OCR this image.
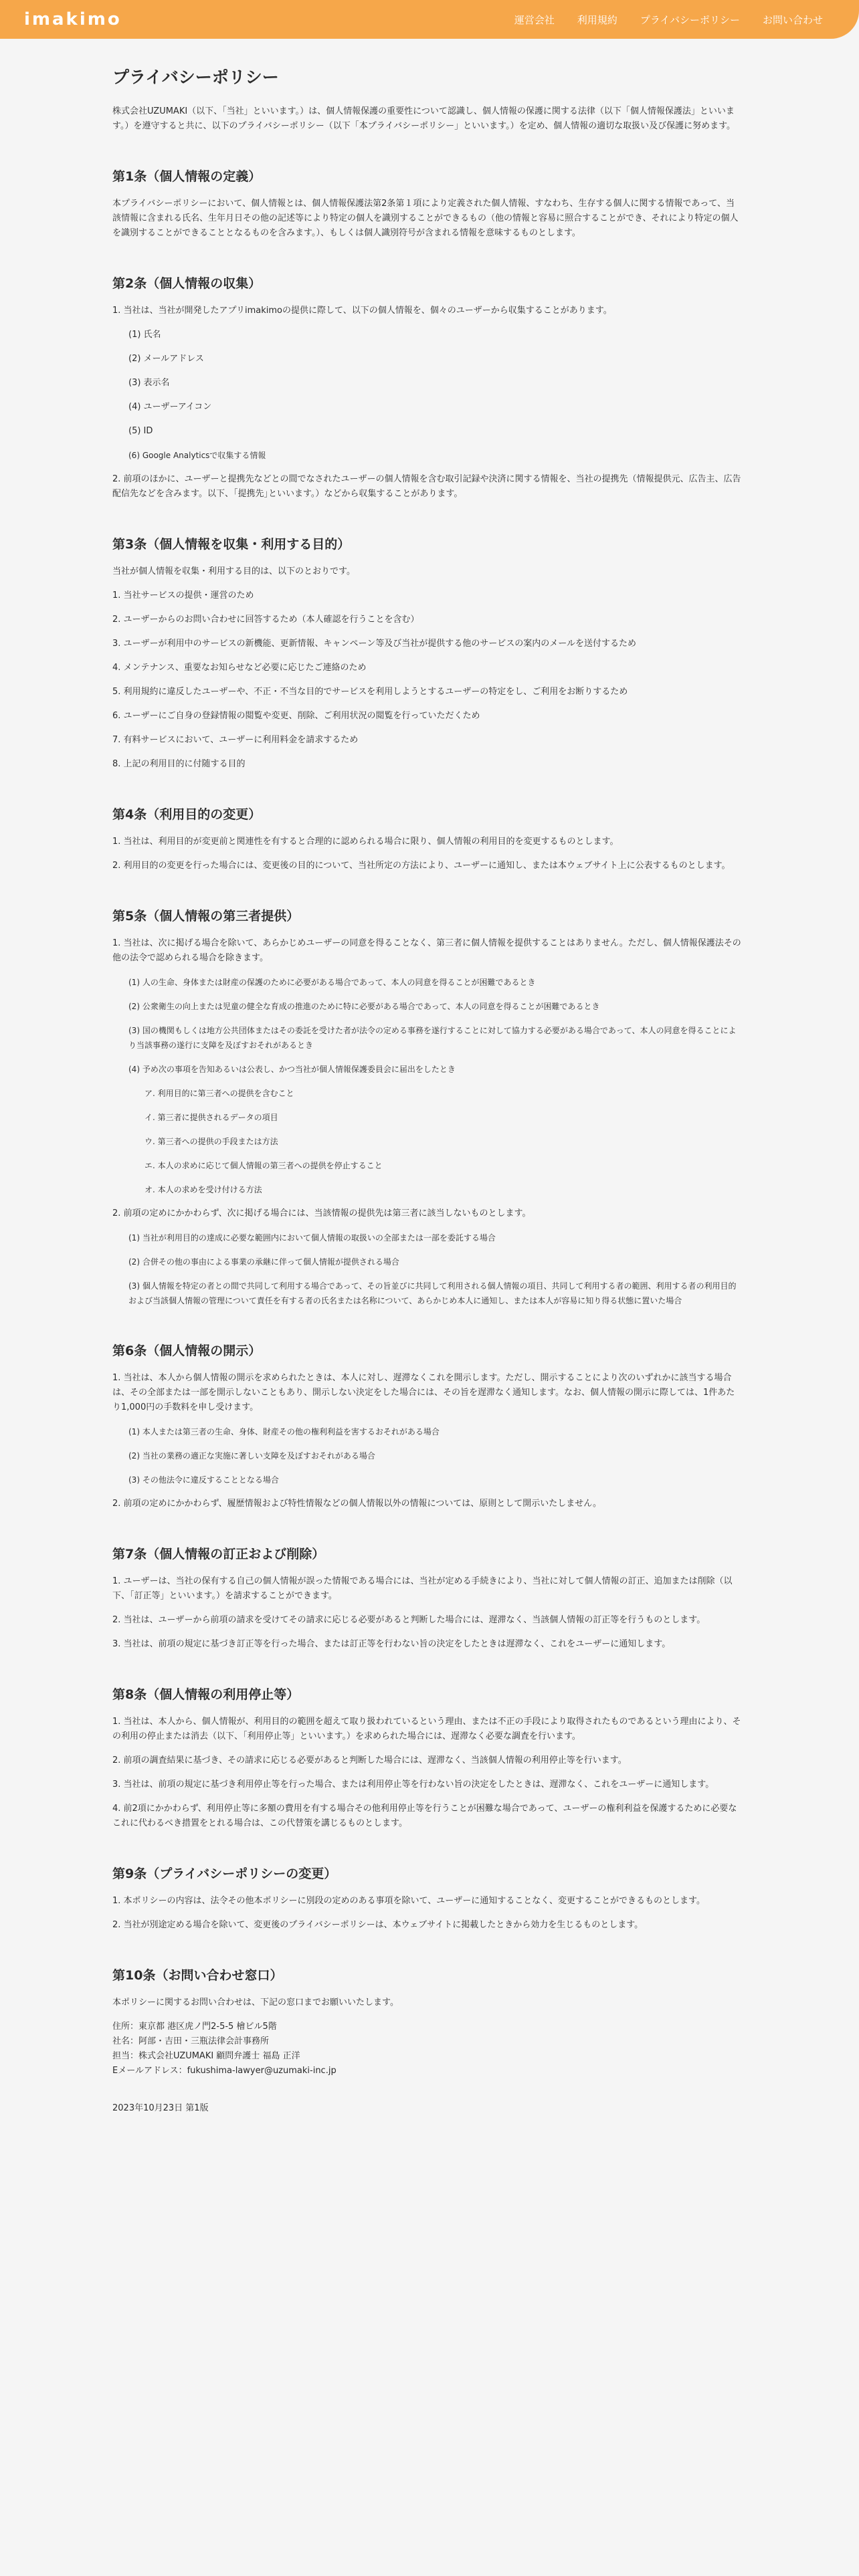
imakimo	運営会社 利用規約 プライバシーポリシー お問い合わせ
プライバシーポリシー

株式会社UZUMAKI（以下、「当社」といいます。）は、個人情報保護の重要性について認識し、個人情報の保護に関する法律（以下「個人情報保護法」といいます。）を遵守すると共に、以下のプライバシーポリシー（以下「本プライバシーポリシー」といいます。）を定め、個人情報の適切な取扱い及び保護に努めます。

第1条（個人情報の定義）

本プライバシーポリシーにおいて、個人情報とは、個人情報保護法第2条第１項により定義された個人情報、すなわち、生存する個人に関する情報であって、当該情報に含まれる氏名、生年月日その他の記述等により特定の個人を識別することができるもの（他の情報と容易に照合することができ、それにより特定の個人を識別することができることとなるものを含みます。）、もしくは個人識別符号が含まれる情報を意味するものとします。

第2条（個人情報の収集）

1. 当社は、当社が開発したアプリimakimoの提供に際して、以下の個人情報を、個々のユーザーから収集することがあります。

(1) 氏名
(2) メールアドレス
(3) 表示名
(4) ユーザーアイコン
(5) ID
(6) Google Analyticsで収集する情報

2. 前項のほかに、ユーザーと提携先などとの間でなされたユーザーの個人情報を含む取引記録や決済に関する情報を、当社の提携先（情報提供元、広告主、広告配信先などを含みます。以下、｢提携先｣といいます。）などから収集することがあります。

第3条（個人情報を収集・利用する目的）

当社が個人情報を収集・利用する目的は、以下のとおりです。

1. 当社サービスの提供・運営のため
2. ユーザーからのお問い合わせに回答するため（本人確認を行うことを含む）
3. ユーザーが利用中のサービスの新機能、更新情報、キャンペーン等及び当社が提供する他のサービスの案内のメールを送付するため
4. メンテナンス、重要なお知らせなど必要に応じたご連絡のため
5. 利用規約に違反したユーザーや、不正・不当な目的でサービスを利用しようとするユーザーの特定をし、ご利用をお断りするため
6. ユーザーにご自身の登録情報の閲覧や変更、削除、ご利用状況の閲覧を行っていただくため
7. 有料サービスにおいて、ユーザーに利用料金を請求するため
8. 上記の利用目的に付随する目的
第4条（利用目的の変更）
1. 当社は、利用目的が変更前と関連性を有すると合理的に認められる場合に限り、個人情報の利用目的を変更するものとします。
2. 利用目的の変更を行った場合には、変更後の目的について、当社所定の方法により、ユーザーに通知し、または本ウェブサイト上に公表するものとします。
第5条（個人情報の第三者提供）

1. 当社は、次に掲げる場合を除いて、あらかじめユーザーの同意を得ることなく、第三者に個人情報を提供することはありません。ただし、個人情報保護法その他の法令で認められる場合を除きます。

(1) 人の生命、身体または財産の保護のために必要がある場合であって、本人の同意を得ることが困難であるとき
(2) 公衆衛生の向上または児童の健全な育成の推進のために特に必要がある場合であって、本人の同意を得ることが困難であるとき
(3) 国の機関もしくは地方公共団体またはその委託を受けた者が法令の定める事務を遂行することに対して協力する必要がある場合であって、本人の同意を得ることにより当該事務の遂行に支障を及ぼすおそれがあるとき
(4) 予め次の事項を告知あるいは公表し、かつ当社が個人情報保護委員会に届出をしたとき
ア. 利用目的に第三者への提供を含むこと
イ. 第三者に提供されるデータの項目
ウ. 第三者への提供の手段または方法
エ. 本人の求めに応じて個人情報の第三者への提供を停止すること
オ. 本人の求めを受け付ける方法

2. 前項の定めにかかわらず、次に掲げる場合には、当該情報の提供先は第三者に該当しないものとします。

(1) 当社が利用目的の達成に必要な範囲内において個人情報の取扱いの全部または一部を委託する場合
(2) 合併その他の事由による事業の承継に伴って個人情報が提供される場合
(3) 個人情報を特定の者との間で共同して利用する場合であって、その旨並びに共同して利用される個人情報の項目、共同して利用する者の範囲、利用する者の利用目的および当該個人情報の管理について責任を有する者の氏名または名称について、あらかじめ本人に通知し、または本人が容易に知り得る状態に置いた場合
第6条（個人情報の開示）

1. 当社は、本人から個人情報の開示を求められたときは、本人に対し、遅滞なくこれを開示します。ただし、開示することにより次のいずれかに該当する場合は、その全部または一部を開示しないこともあり、開示しない決定をした場合には、その旨を遅滞なく通知します。なお、個人情報の開示に際しては、1件あたり1,000円の手数料を申し受けます。

(1) 本人または第三者の生命、身体、財産その他の権利利益を害するおそれがある場合
(2) 当社の業務の適正な実施に著しい支障を及ぼすおそれがある場合
(3) その他法令に違反することとなる場合

2. 前項の定めにかかわらず、履歴情報および特性情報などの個人情報以外の情報については、原則として開示いたしません。

第7条（個人情報の訂正および削除）
1. ユーザーは、当社の保有する自己の個人情報が誤った情報である場合には、当社が定める手続きにより、当社に対して個人情報の訂正、追加または削除（以下、「訂正等」といいます。）を請求することができます。
2. 当社は、ユーザーから前項の請求を受けてその請求に応じる必要があると判断した場合には、遅滞なく、当該個人情報の訂正等を行うものとします。
3. 当社は、前項の規定に基づき訂正等を行った場合、または訂正等を行わない旨の決定をしたときは遅滞なく、これをユーザーに通知します。
第8条（個人情報の利用停止等）
1. 当社は、本人から、個人情報が、利用目的の範囲を超えて取り扱われているという理由、または不正の手段により取得されたものであるという理由により、その利用の停止または消去（以下、「利用停止等」といいます。）を求められた場合には、遅滞なく必要な調査を行います。
2. 前項の調査結果に基づき、その請求に応じる必要があると判断した場合には、遅滞なく、当該個人情報の利用停止等を行います。
3. 当社は、前項の規定に基づき利用停止等を行った場合、または利用停止等を行わない旨の決定をしたときは、遅滞なく、これをユーザーに通知します。
4. 前2項にかかわらず、利用停止等に多額の費用を有する場合その他利用停止等を行うことが困難な場合であって、ユーザーの権利利益を保護するために必要なこれに代わるべき措置をとれる場合は、この代替策を講じるものとします。
第9条（プライバシーポリシーの変更）
1. 本ポリシーの内容は、法令その他本ポリシーに別段の定めのある事項を除いて、ユーザーに通知することなく、変更することができるものとします。
2. 当社が別途定める場合を除いて、変更後のプライバシーポリシーは、本ウェブサイトに掲載したときから効力を生じるものとします。
第10条（お問い合わせ窓口）

本ポリシーに関するお問い合わせは、下記の窓口までお願いいたします。

住所：東京都 港区虎ノ門2-5-5 檜ビル5階

社名：阿部・吉田・三瓶法律会計事務所

担当：株式会社UZUMAKI 顧問弁護士 福島 正洋

Eメールアドレス：fukushima-lawyer@uzumaki-inc.jp

2023年10月23日 第1版
